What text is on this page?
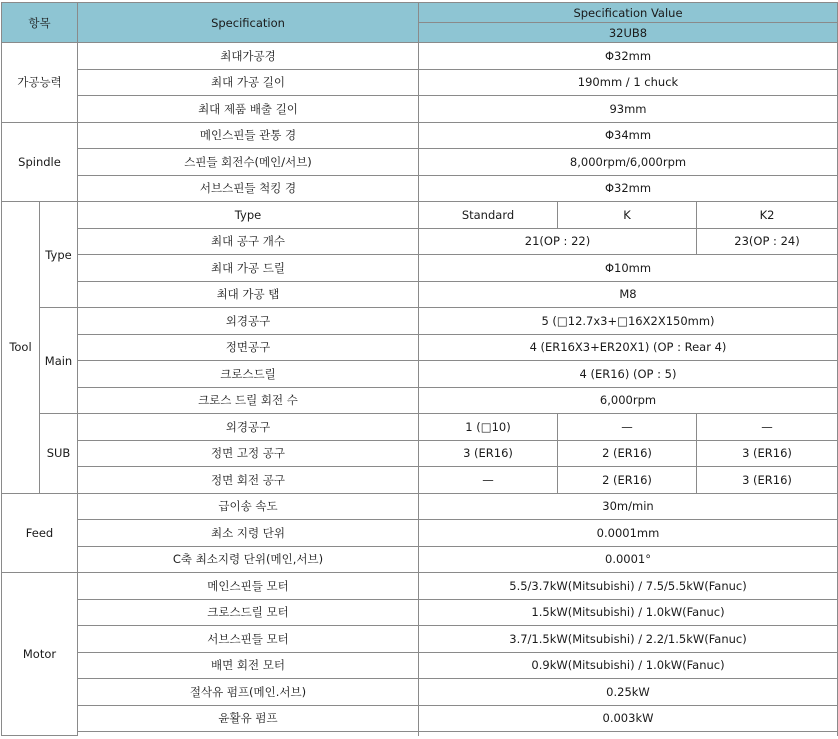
항목		Specification	Specification Value		
			32UB8		
가공능력		최대가공경	Φ32mm		
		최대 가공 길이	190mm / 1 chuck		
		최대 제품 배출 길이	93mm		
Spindle		메인스핀들 관통 경	Φ34mm		
		스핀들 회전수(메인/서브)	8,000rpm/6,000rpm		
		서브스핀들 척킹 경	Φ32mm		
Tool	Type	Type	Standard	K	K2
		최대 공구 개수	21(OP : 22)		23(OP : 24)
		최대 가공 드릴	Φ10mm		
		최대 가공 탭	M8		
	Main	외경공구	5 (□12.7x3+□16X2X150mm)		
		정면공구	4 (ER16X3+ER20X1) (OP : Rear 4)		
		크로스드릴	4 (ER16) (OP : 5)		
		크로스 드릴 회전 수	6,000rpm		
	SUB	외경공구	1 (□10)	—	—
		정면 고정 공구	3 (ER16)	2 (ER16)	3 (ER16)
		정면 회전 공구	—	2 (ER16)	3 (ER16)
Feed		급이송 속도	30m/min		
		최소 지령 단위	0.0001mm		
		C축 최소지령 단위(메인,서브)	0.0001°		
Motor		메인스핀들 모터	5.5/3.7kW(Mitsubishi) / 7.5/5.5kW(Fanuc)		
		크로스드릴 모터	1.5kW(Mitsubishi) / 1.0kW(Fanuc)		
		서브스핀들 모터	3.7/1.5kW(Mitsubishi) / 2.2/1.5kW(Fanuc)		
		배면 회전 모터	0.9kW(Mitsubishi) / 1.0kW(Fanuc)		
		절삭유 펌프(메인.서브)	0.25kW		
		윤활유 펌프	0.003kW		
